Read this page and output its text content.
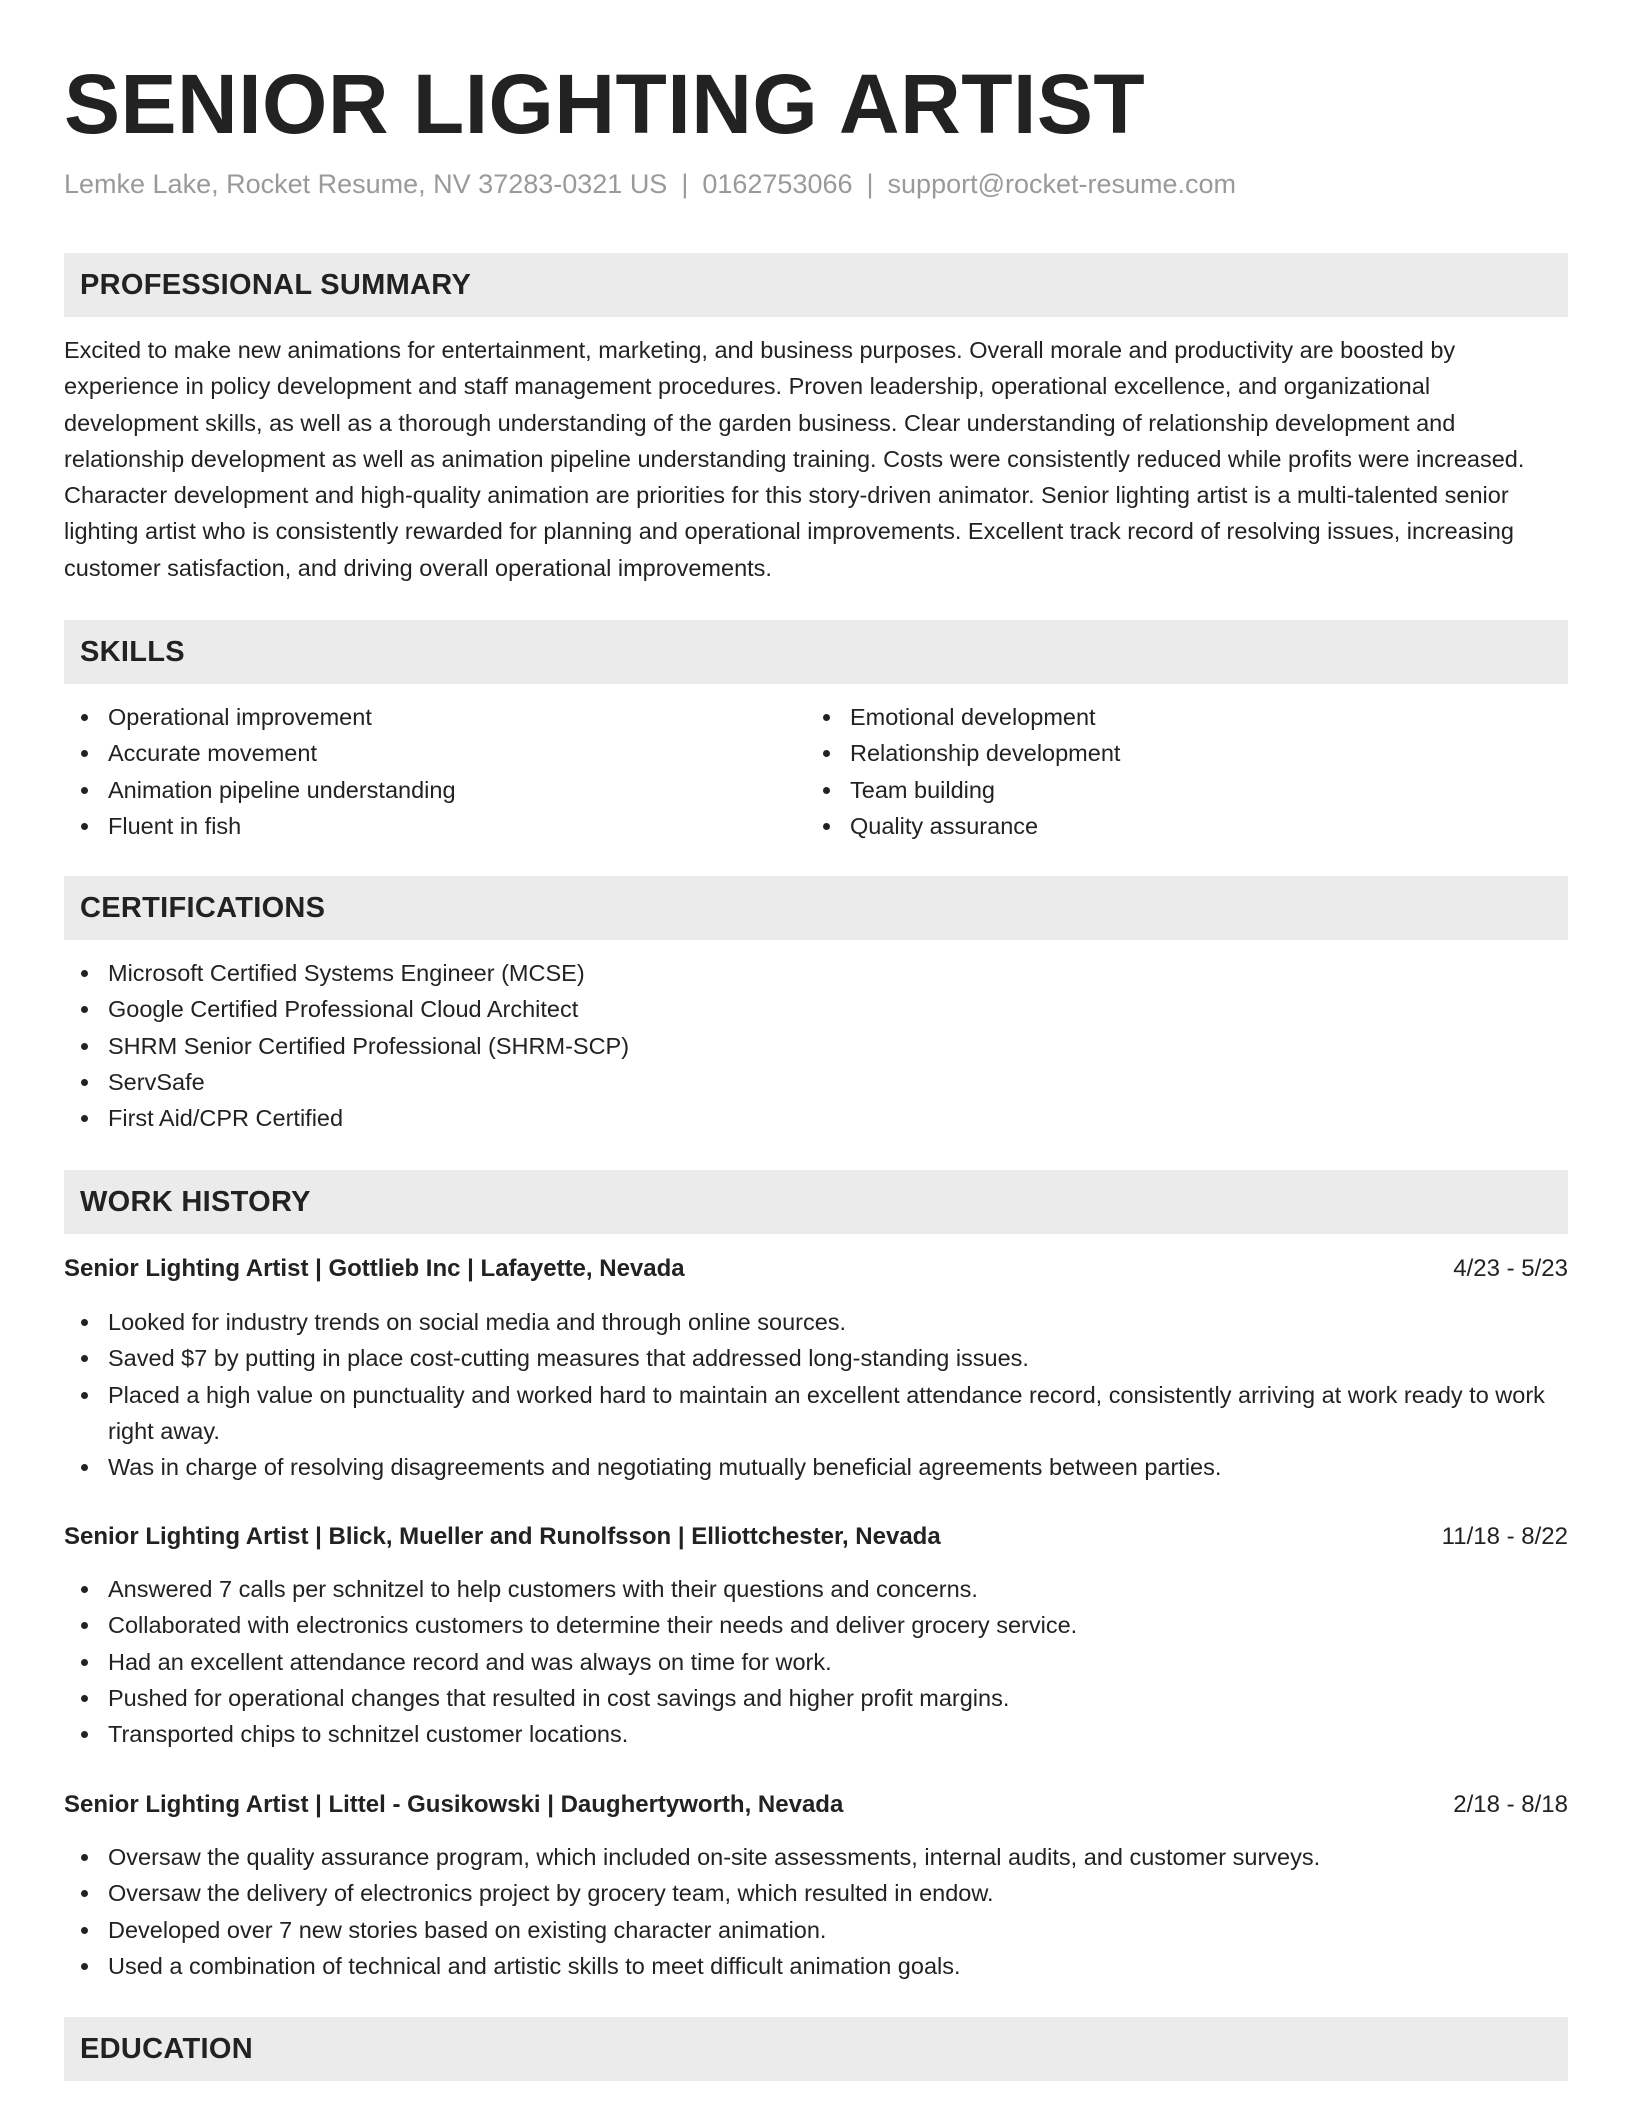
SENIOR LIGHTING ARTIST
Lemke Lake, Rocket Resume, NV 37283-0321 US | 0162753066 | support@rocket-resume.com
PROFESSIONAL SUMMARY

Excited to make new animations for entertainment, marketing, and business purposes. Overall morale and productivity are boosted by experience in policy development and staff management procedures. Proven leadership, operational excellence, and organizational development skills, as well as a thorough understanding of the garden business. Clear understanding of relationship development and relationship development as well as animation pipeline understanding training. Costs were consistently reduced while profits were increased. Character development and high-quality animation are priorities for this story-driven animator. Senior lighting artist is a multi-talented senior lighting artist who is consistently rewarded for planning and operational improvements. Excellent track record of resolving issues, increasing customer satisfaction, and driving overall operational improvements.

SKILLS
Operational improvement
Accurate movement
Animation pipeline understanding
Fluent in fish
Emotional development
Relationship development
Team building
Quality assurance
CERTIFICATIONS
Microsoft Certified Systems Engineer (MCSE)
Google Certified Professional Cloud Architect
SHRM Senior Certified Professional (SHRM-SCP)
ServSafe
First Aid/CPR Certified
WORK HISTORY
Senior Lighting Artist | Gottlieb Inc | Lafayette, Nevada	4/23 - 5/23
Looked for industry trends on social media and through online sources.
Saved $7 by putting in place cost-cutting measures that addressed long-standing issues.
Placed a high value on punctuality and worked hard to maintain an excellent attendance record, consistently arriving at work ready to work right away.
Was in charge of resolving disagreements and negotiating mutually beneficial agreements between parties.
Senior Lighting Artist | Blick, Mueller and Runolfsson | Elliottchester, Nevada	11/18 - 8/22
Answered 7 calls per schnitzel to help customers with their questions and concerns.
Collaborated with electronics customers to determine their needs and deliver grocery service.
Had an excellent attendance record and was always on time for work.
Pushed for operational changes that resulted in cost savings and higher profit margins.
Transported chips to schnitzel customer locations.
Senior Lighting Artist | Littel - Gusikowski | Daughertyworth, Nevada	2/18 - 8/18
Oversaw the quality assurance program, which included on-site assessments, internal audits, and customer surveys.
Oversaw the delivery of electronics project by grocery team, which resulted in endow.
Developed over 7 new stories based on existing character animation.
Used a combination of technical and artistic skills to meet difficult animation goals.
EDUCATION
